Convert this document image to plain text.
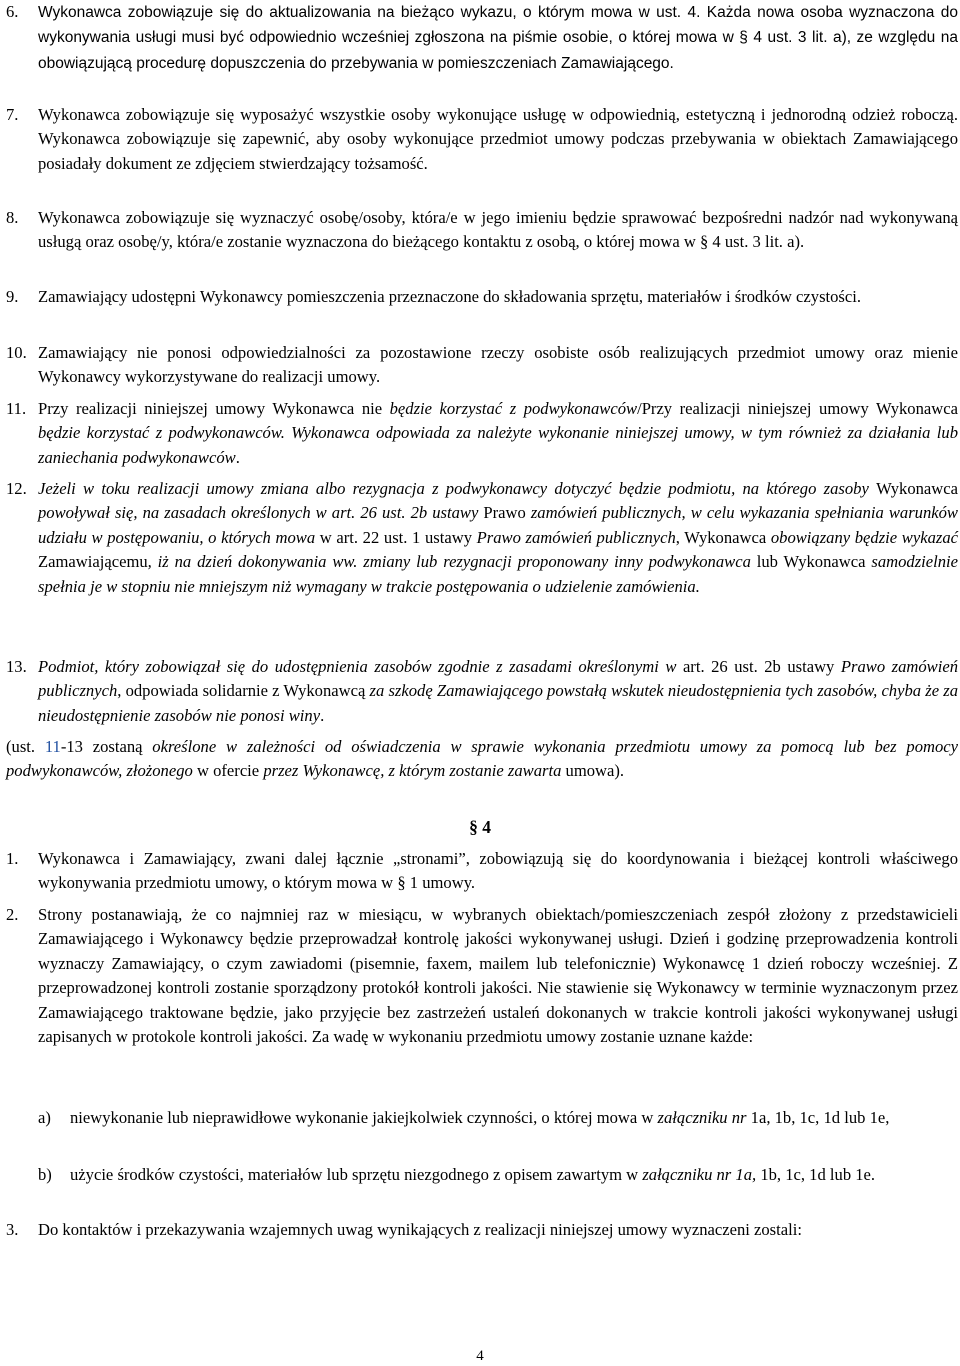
6. Wykonawca zobowiązuje się do aktualizowania na bieżąco wykazu, o którym mowa w ust. 4. Każda nowa osoba wyznaczona do wykonywania usługi musi być odpowiednio wcześniej zgłoszona na piśmie osobie, o której mowa w § 4 ust. 3 lit. a), ze względu na obowiązującą procedurę dopuszczenia do przebywania w pomieszczeniach Zamawiającego.
7. Wykonawca zobowiązuje się wyposażyć wszystkie osoby wykonujące usługę w odpowiednią, estetyczną i jednorodną odzież roboczą. Wykonawca zobowiązuje się zapewnić, aby osoby wykonujące przedmiot umowy podczas przebywania w obiektach Zamawiającego posiadały dokument ze zdjęciem stwierdzający tożsamość.
8. Wykonawca zobowiązuje się wyznaczyć osobę/osoby, która/e w jego imieniu będzie sprawować bezpośredni nadzór nad wykonywaną usługą oraz osobę/y, która/e zostanie wyznaczona do bieżącego kontaktu z osobą, o której mowa w § 4 ust. 3 lit. a).
9. Zamawiający udostępni Wykonawcy pomieszczenia przeznaczone do składowania sprzętu, materiałów i środków czystości.
10. Zamawiający nie ponosi odpowiedzialności za pozostawione rzeczy osobiste osób realizujących przedmiot umowy oraz mienie Wykonawcy wykorzystywane do realizacji umowy.
11. Przy realizacji niniejszej umowy Wykonawca nie będzie korzystać z podwykonawców/Przy realizacji niniejszej umowy Wykonawca będzie korzystać z podwykonawców. Wykonawca odpowiada za należyte wykonanie niniejszej umowy, w tym również za działania lub zaniechania podwykonawców.
12. Jeżeli w toku realizacji umowy zmiana albo rezygnacja z podwykonawcy dotyczyć będzie podmiotu, na którego zasoby Wykonawca powoływał się, na zasadach określonych w art. 26 ust. 2b ustawy Prawo zamówień publicznych, w celu wykazania spełniania warunków udziału w postępowaniu, o których mowa w art. 22 ust. 1 ustawy Prawo zamówień publicznych, Wykonawca obowiązany będzie wykazać Zamawiającemu, iż na dzień dokonywania ww. zmiany lub rezygnacji proponowany inny podwykonawca lub Wykonawca samodzielnie spełnia je w stopniu nie mniejszym niż wymagany w trakcie postępowania o udzielenie zamówienia.
13. Podmiot, który zobowiązał się do udostępnienia zasobów zgodnie z zasadami określonymi w art. 26 ust. 2b ustawy Prawo zamówień publicznych, odpowiada solidarnie z Wykonawcą za szkodę Zamawiającego powstałą wskutek nieudostępnienia tych zasobów, chyba że za nieudostępnienie zasobów nie ponosi winy.
(ust. 11-13 zostaną określone w zależności od oświadczenia w sprawie wykonania przedmiotu umowy za pomocą lub bez pomocy podwykonawców, złożonego w ofercie przez Wykonawcę, z którym zostanie zawarta umowa).
§ 4
1. Wykonawca i Zamawiający, zwani dalej łącznie „stronami”, zobowiązują się do koordynowania i bieżącej kontroli właściwego wykonywania przedmiotu umowy, o którym mowa w § 1 umowy.
2. Strony postanawiają, że co najmniej raz w miesiącu, w wybranych obiektach/pomieszczeniach zespół złożony z przedstawicieli Zamawiającego i Wykonawcy będzie przeprowadzał kontrolę jakości wykonywanej usługi. Dzień i godzinę przeprowadzenia kontroli wyznaczy Zamawiający, o czym zawiadomi (pisemnie, faxem, mailem lub telefonicznie) Wykonawcę 1 dzień roboczy wcześniej. Z przeprowadzonej kontroli zostanie sporządzony protokół kontroli jakości. Nie stawienie się Wykonawcy w terminie wyznaczonym przez Zamawiającego traktowane będzie, jako przyjęcie bez zastrzeżeń ustaleń dokonanych w trakcie kontroli jakości wykonywanej usługi zapisanych w protokole kontroli jakości. Za wadę w wykonaniu przedmiotu umowy zostanie uznane każde:
a) niewykonanie lub nieprawidłowe wykonanie jakiejkolwiek czynności, o której mowa w załączniku nr 1a, 1b, 1c, 1d lub 1e,
b) użycie środków czystości, materiałów lub sprzętu niezgodnego z opisem zawartym w załączniku nr 1a, 1b, 1c, 1d lub 1e.
3. Do kontaktów i przekazywania wzajemnych uwag wynikających z realizacji niniejszej umowy wyznaczeni zostali:
4
